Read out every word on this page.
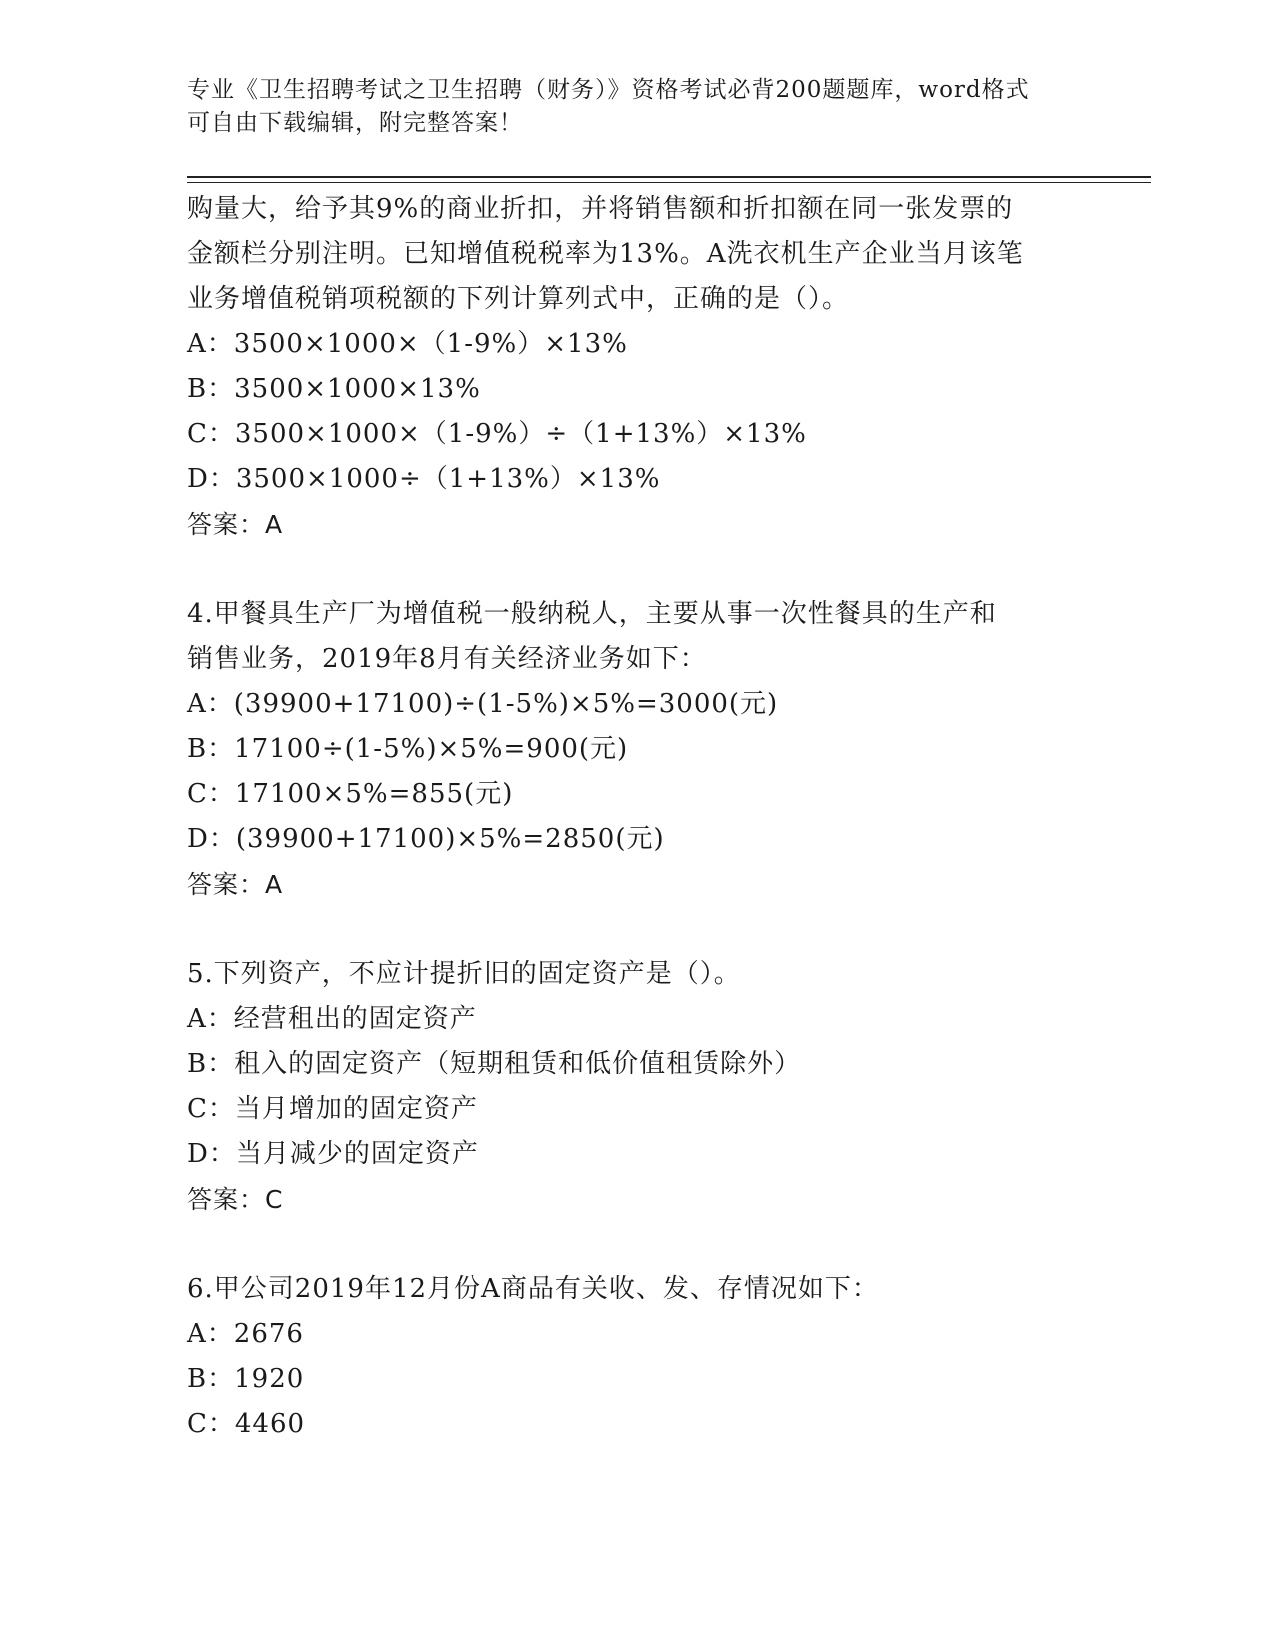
专业《卫生招聘考试之卫生招聘（财务）》资格考试必背200题题库，word格式
可自由下载编辑，附完整答案！
购量大，给予其9%的商业折扣，并将销售额和折扣额在同一张发票的
金额栏分别注明。已知增值税税率为13%。A洗衣机生产企业当月该笔
业务增值税销项税额的下列计算列式中，正确的是（）。
A：3500×1000×（1-9%）×13%
B：3500×1000×13%
C：3500×1000×（1-9%）÷（1+13%）×13%
D：3500×1000÷（1+13%）×13%
答案：A
4.甲餐具生产厂为增值税一般纳税人，主要从事一次性餐具的生产和
销售业务，2019年8月有关经济业务如下：
A：(39900+17100)÷(1-5%)×5%=3000(元)
B：17100÷(1-5%)×5%=900(元)
C：17100×5%=855(元)
D：(39900+17100)×5%=2850(元)
答案：A
5.下列资产，不应计提折旧的固定资产是（）。
A：经营租出的固定资产
B：租入的固定资产（短期租赁和低价值租赁除外）
C：当月增加的固定资产
D：当月减少的固定资产
答案：C
6.甲公司2019年12月份A商品有关收、发、存情况如下：
A：2676
B：1920
C：4460
